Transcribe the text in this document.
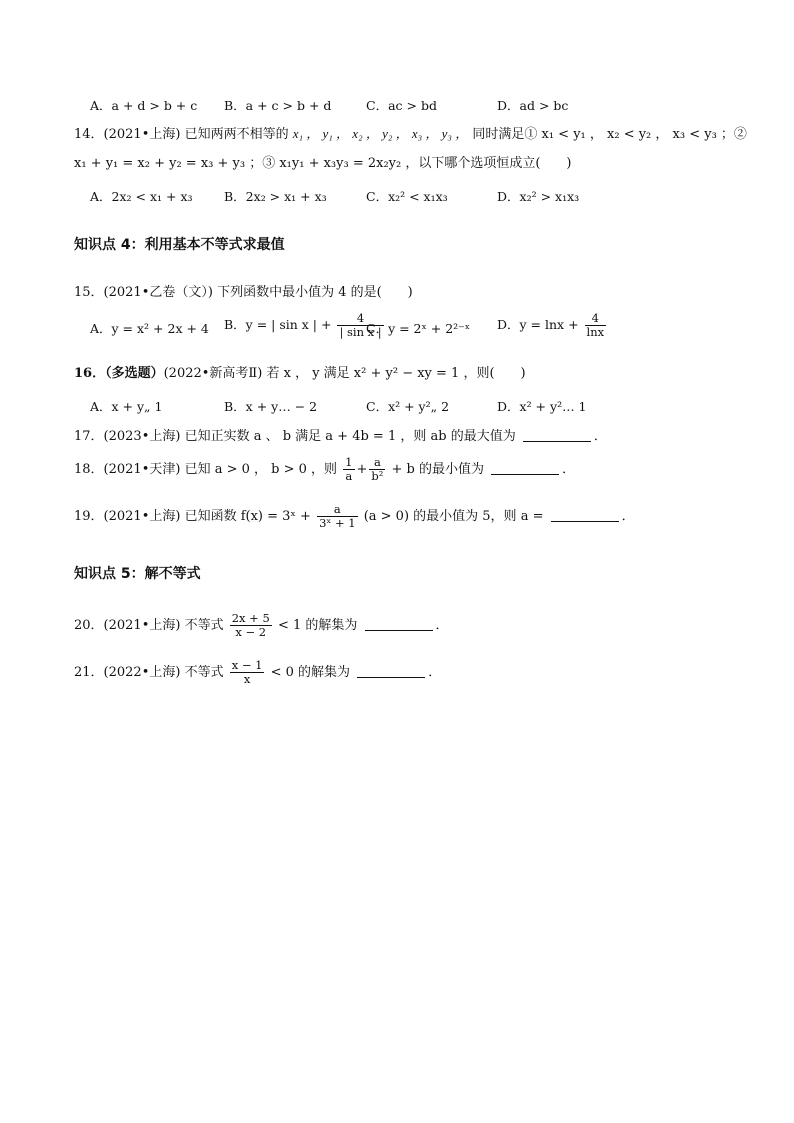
A．a + d > b + c B．a + c > b + d	C．ac > bd	D．ad > bc
14．(2021•上海) 已知两两不相等的 x₁ ， y₁ ， x₂ ， y₂ ， x₃ ， y₃ ， 同时满足① x₁ < y₁ ， x₂ < y₂ ， x₃ < y₃ ；②
x₁ + y₁ = x₂ + y₂ = x₃ + y₃ ；③ x₁y₁ + x₃y₃ = 2x₂y₂ ，以下哪个选项恒成立(　　)
A．2x₂ < x₁ + x₃	B．2x₂ > x₁ + x₃	C．x₂² < x₁x₃	D．x₂² > x₁x₃
知识点 4：利用基本不等式求最值
15．(2021•乙卷（文）) 下列函数中最小值为 4 的是(　　)
A．y = x² + 2x + 4 B．y = | sin x | + $\frac{4}{\text{| sin x |}}$
C．y = 2ˣ + 2²⁻ˣ D．$y = \ln x + \frac{4}{\ln x}$
16．（多选题）(2022•新高考Ⅱ) 若 x ， y 满足 x² + y² − xy = 1 ，则(　　)
A．x + y„ 1	B．x + y… − 2	C．x² + y²„ 2	D．x² + y²… 1
17．(2023•上海) 已知正实数 a 、 b 满足 a + 4b = 1 ，则 ab 的最大值为	．
18．(2021•天津) 已知 a > 0 ， b > 0 ，则 $\frac{1}{a} + \frac{a}{\text{b²}} + b$ 的最小值为	．
19．(2021•上海) 已知函数 f(x) = 3ˣ + $\frac{a}{\text{3ˣ + 1}} (a > 0)$ 的最小值为 5，则 a =	．
知识点 5：解不等式
20．(2021•上海) 不等式 $\frac{2x + 5}{x - 2} < 1$ 的解集为	．
21．(2022•上海) 不等式 $\frac{x - 1}{x} < 0$ 的解集为	．
